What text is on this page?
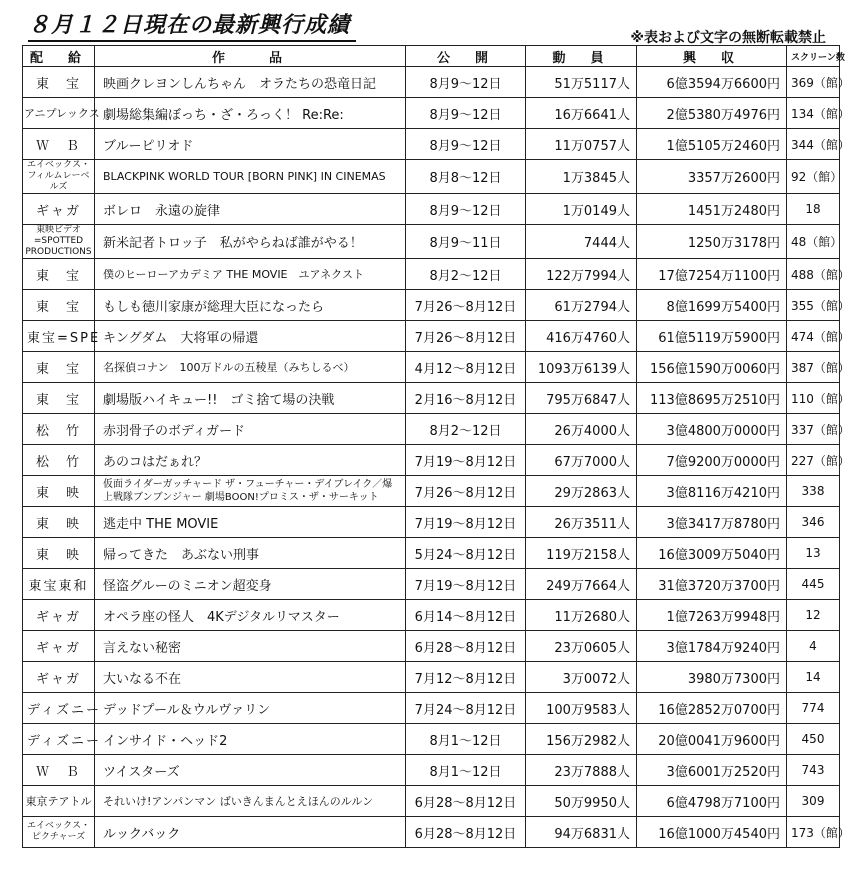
８月１２日現在の最新興行成績	※表および文字の無断転載禁止
配　給	作　　品	公　開	動　員	興　収	スクリーン数
東　宝	映画クレヨンしんちゃん　オラたちの恐竜日記	8月9～12日	51万5117人	6億3594万6600円	369（館）
アニプレックス	劇場総集編ぼっち・ざ・ろっく！ Re:Re:	8月9～12日	16万6641人	2億5380万4976円	134（館）
Ｗ　Ｂ	ブルーピリオド	8月9～12日	11万0757人	1億5105万2460円	344（館）
エイベックス・フィルムレーベルズ	BLACKPINK WORLD TOUR [BORN PINK] IN CINEMAS	8月8～12日	1万3845人	3357万2600円	92（館）
ギャガ	ボレロ　永遠の旋律	8月9～12日	1万0149人	1451万2480円	18
東映ビデオ=SPOTTED PRODUCTIONS	新米記者トロッ子　私がやらねば誰がやる！	8月9～11日	7444人	1250万3178円	48（館）
東　宝	僕のヒーローアカデミア THE MOVIE　ユアネクスト	8月2～12日	122万7994人	17億7254万1100円	488（館）
東　宝	もしも徳川家康が総理大臣になったら	7月26～8月12日	61万2794人	8億1699万5400円	355（館）
東宝=SPE	キングダム　大将軍の帰還	7月26～8月12日	416万4760人	61億5119万5900円	474（館）
東　宝	名探偵コナン　100万ドルの五稜星（みちしるべ）	4月12～8月12日	1093万6139人	156億1590万0060円	387（館）
東　宝	劇場版ハイキュー!!　ゴミ捨て場の決戦	2月16～8月12日	795万6847人	113億8695万2510円	110（館）
松　竹	赤羽骨子のボディガード	8月2～12日	26万4000人	3億4800万0000円	337（館）
松　竹	あのコはだぁれ？	7月19～8月12日	67万7000人	7億9200万0000円	227（館）
東　映	仮面ライダーガッチャード ザ・フューチャー・デイブレイク／爆上戦隊ブンブンジャー 劇場BOON!プロミス・ザ・サーキット	7月26～8月12日	29万2863人	3億8116万4210円	338
東　映	逃走中 THE MOVIE	7月19～8月12日	26万3511人	3億3417万8780円	346
東　映	帰ってきた　あぶない刑事	5月24～8月12日	119万2158人	16億3009万5040円	13
東宝東和	怪盗グルーのミニオン超変身	7月19～8月12日	249万7664人	31億3720万3700円	445
ギャガ	オペラ座の怪人　4Kデジタルリマスター	6月14～8月12日	11万2680人	1億7263万9948円	12
ギャガ	言えない秘密	6月28～8月12日	23万0605人	3億1784万9240円	4
ギャガ	大いなる不在	7月12～8月12日	3万0072人	3980万7300円	14
ディズニー	デッドプール＆ウルヴァリン	7月24～8月12日	100万9583人	16億2852万0700円	774
ディズニー	インサイド・ヘッド2	8月1～12日	156万2982人	20億0041万9600円	450
Ｗ　Ｂ	ツイスターズ	8月1～12日	23万7888人	3億6001万2520円	743
東京テアトル	それいけ!アンパンマン ばいきんまんとえほんのルルン	6月28～8月12日	50万9950人	6億4798万7100円	309
エイベックス・ピクチャーズ	ルックバック	6月28～8月12日	94万6831人	16億1000万4540円	173（館）
